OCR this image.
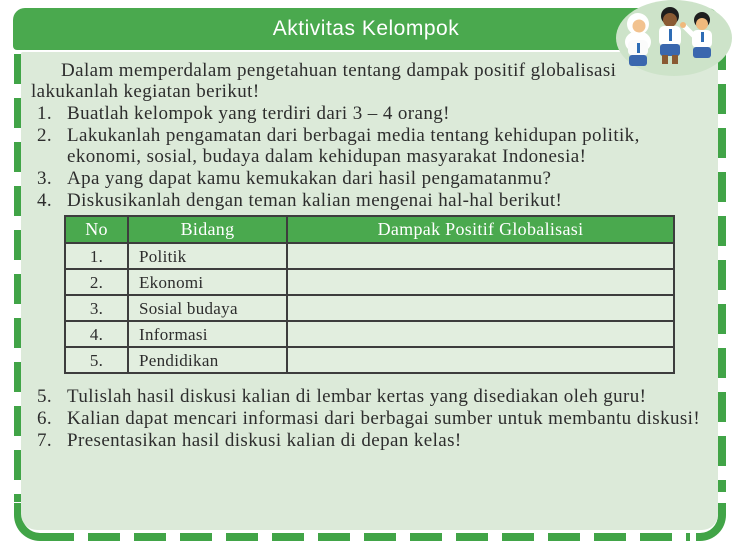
Aktivitas Kelompok

Dalam memperdalam pengetahuan tentang dampak positif globalisasi lakukanlah kegiatan berikut!

1. Buatlah kelompok yang terdiri dari 3 – 4 orang!
2. Lakukanlah pengamatan dari berbagai media tentang kehidupan politik, ekonomi, sosial, budaya dalam kehidupan masyarakat Indonesia!
3. Apa yang dapat kamu kemukakan dari hasil pengamatanmu?
4. Diskusikanlah dengan teman kalian mengenai hal-hal berikut!
No	Bidang	Dampak Positif Globalisasi
1.	Politik	
2.	Ekonomi	
3.	Sosial budaya	
4.	Informasi	
5.	Pendidikan	
5. Tulislah hasil diskusi kalian di lembar kertas yang disediakan oleh guru!
6. Kalian dapat mencari informasi dari berbagai sumber untuk membantu diskusi!
7. Presentasikan hasil diskusi kalian di depan kelas!
